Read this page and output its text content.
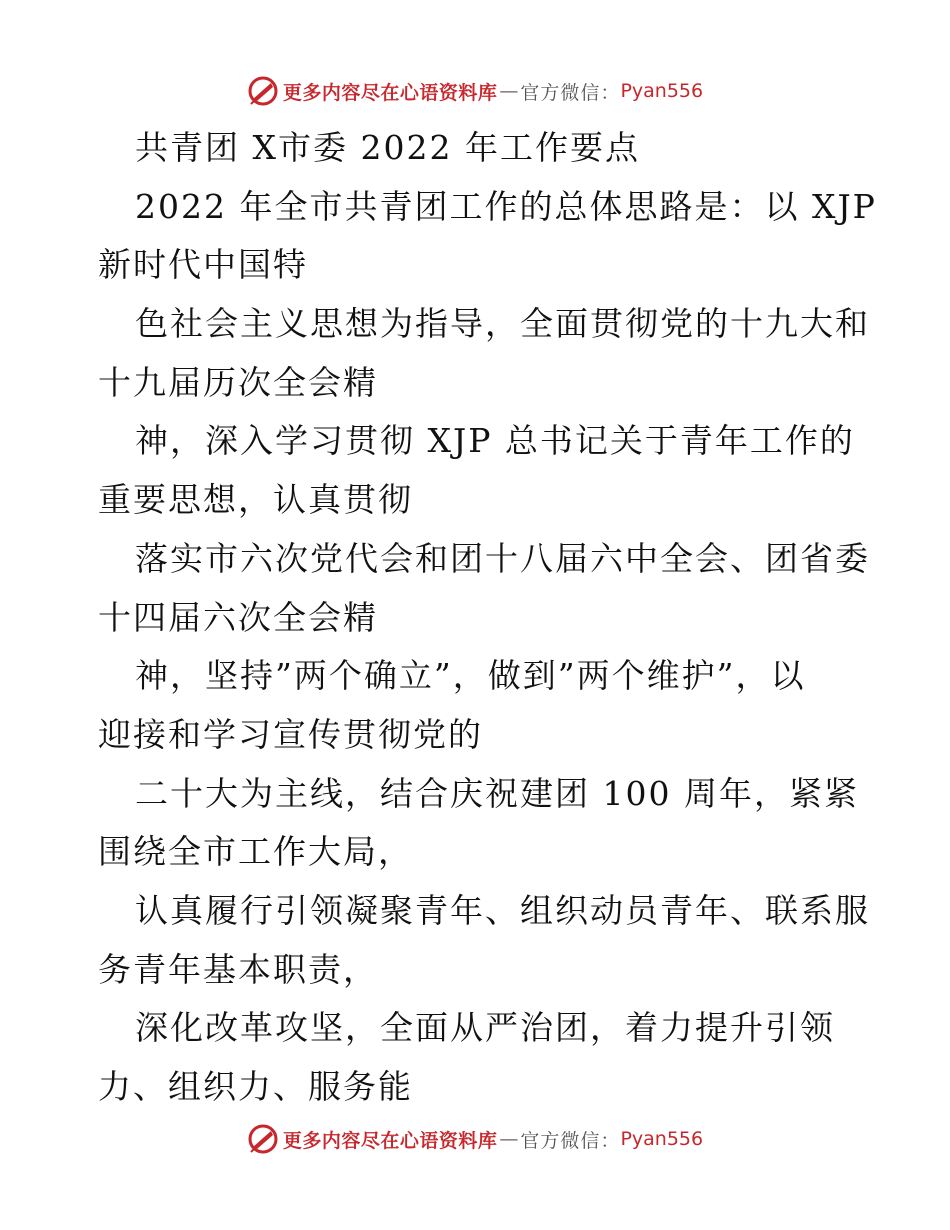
更多内容尽在心语资料库 — 官方微信： Pyan556
共青团 X市委 2022 年工作要点
2022 年全市共青团工作的总体思路是：以 XJP
新时代中国特
色社会主义思想为指导，全面贯彻党的十九大和
十九届历次全会精
神，深入学习贯彻 XJP 总书记关于青年工作的
重要思想，认真贯彻
落实市六次党代会和团十八届六中全会、团省委
十四届六次全会精
神，坚持”两个确立”，做到”两个维护”，以
迎接和学习宣传贯彻党的
二十大为主线，结合庆祝建团 100 周年，紧紧
围绕全市工作大局，
认真履行引领凝聚青年、组织动员青年、联系服
务青年基本职责，
深化改革攻坚，全面从严治团，着力提升引领
力、组织力、服务能
更多内容尽在心语资料库 — 官方微信： Pyan556
